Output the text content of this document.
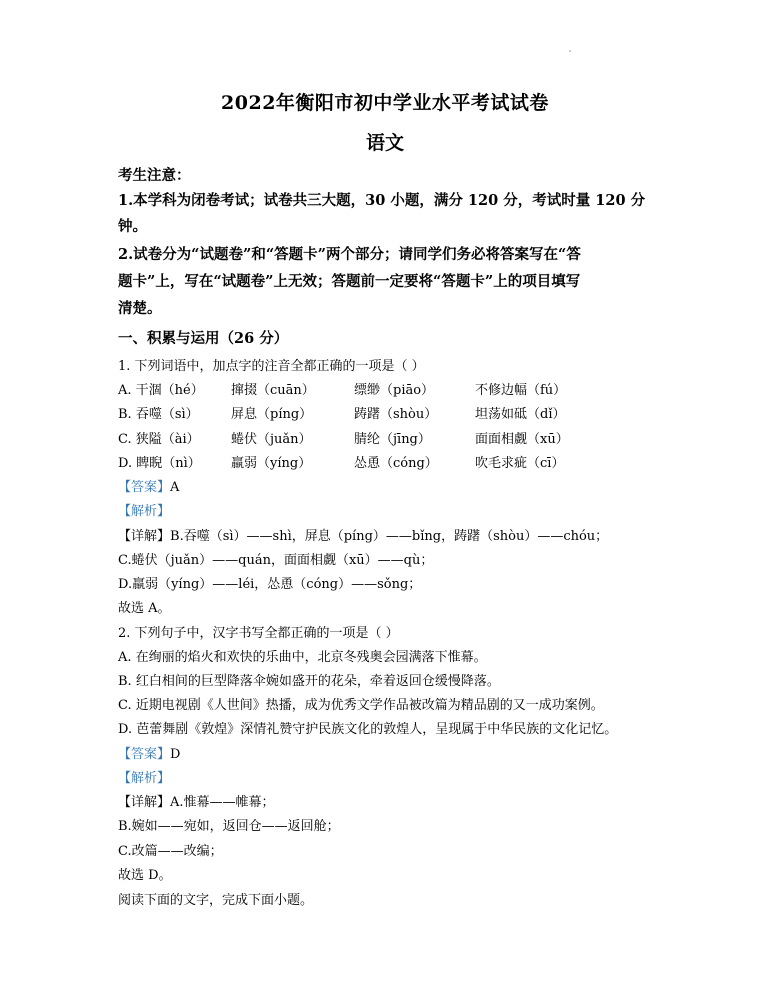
2022年衡阳市初中学业水平考试试卷
语文
考生注意：
1.本学科为闭卷考试；试卷共三大题，30 小题，满分 120 分，考试时量 120 分
钟。
2.试卷分为“试题卷”和“答题卡”两个部分；请同学们务必将答案写在“答
题卡”上，写在“试题卷”上无效；答题前一定要将“答题卡”上的项目填写
清楚。
一、积累与运用（26 分）
1. 下列词语中，加点字的注音全都正确的一项是（ ）
A. 干涸（hé） 撺掇（cuān）	缥缈（piāo）	不修边幅（fú）
B. 吞噬（sì） 屏息（píng）	踌躇（shòu）	坦荡如砥（dǐ）
C. 狭隘（ài） 蜷伏（juǎn）	腈纶（jīng）	面面相觑（xū）
D. 睥睨（nì） 羸弱（yíng）	怂恿（cóng）	吹毛求疵（cī）
【答案】A
【解析】
【详解】B.吞噬（sì）——shì，屏息（píng）——bǐng，踌躇（shòu）——chóu；
C.蜷伏（juǎn）——quán，面面相觑（xū）——qù；
D.羸弱（yíng）——léi，怂恿（cóng）——sǒng；
故选 A。
2. 下列句子中，汉字书写全都正确的一项是（ ）
A. 在绚丽的焰火和欢快的乐曲中，北京冬残奥会园满落下惟幕。
B. 红白相间的巨型降落伞婉如盛开的花朵，牵着返回仓缓慢降落。
C. 近期电视剧《人世间》热播，成为优秀文学作品被改篇为精品剧的又一成功案例。
D. 芭蕾舞剧《敦煌》深情礼赞守护民族文化的敦煌人，呈现属于中华民族的文化记忆。
【答案】D
【解析】
【详解】A.惟幕——帷幕；
B.婉如——宛如，返回仓——返回舱；
C.改篇——改编；
故选 D。
阅读下面的文字，完成下面小题。
